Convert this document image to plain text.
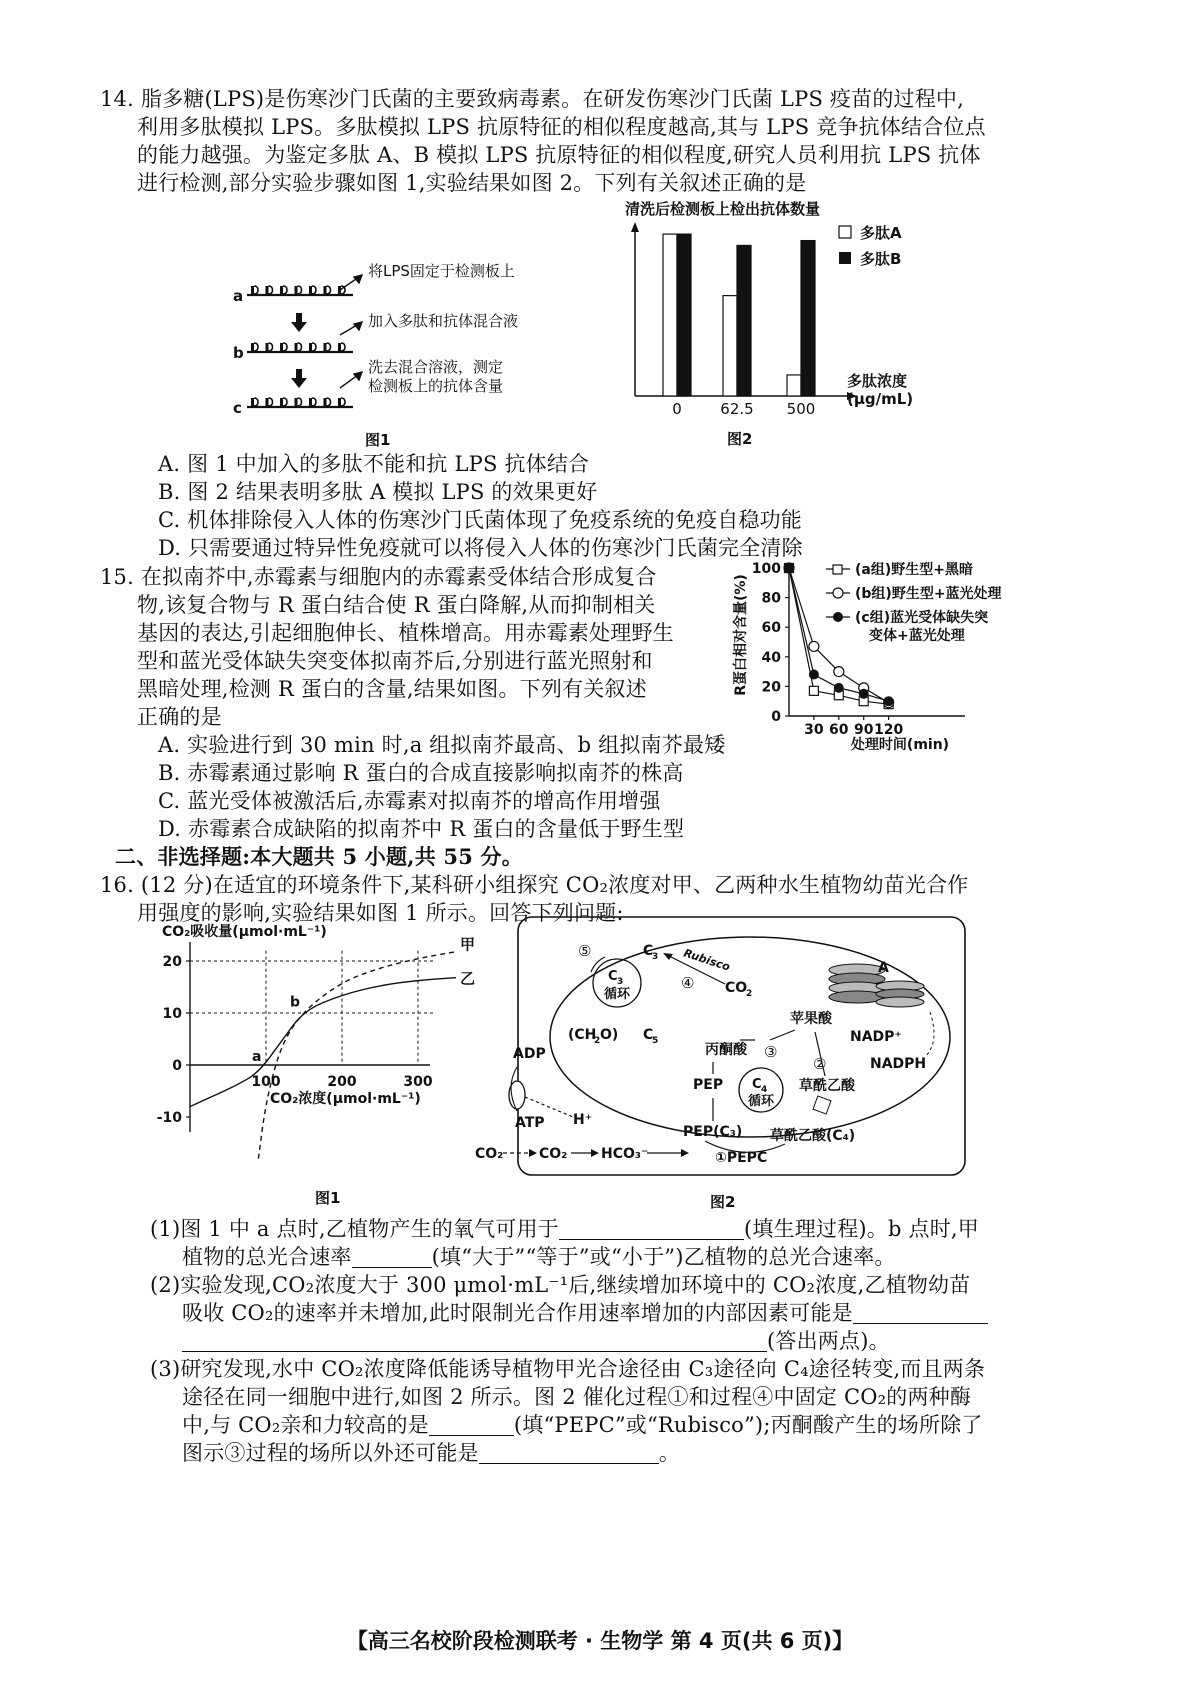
14. 脂多糖(LPS)是伤寒沙门氏菌的主要致病毒素。在研发伤寒沙门氏菌 LPS 疫苗的过程中,
利用多肽模拟 LPS。多肽模拟 LPS 抗原特征的相似程度越高,其与 LPS 竞争抗体结合位点
的能力越强。为鉴定多肽 A、B 模拟 LPS 抗原特征的相似程度,研究人员利用抗 LPS 抗体
进行检测,部分实验步骤如图 1,实验结果如图 2。下列有关叙述正确的是
a
b
c
将LPS固定于检测板上
加入多肽和抗体混合液
洗去混合溶液，测定
检测板上的抗体含量
图1
清洗后检测板上检出抗体数量
0	62.5 500
多肽浓度
(μg/mL)
多肽A
多肽B
图2
A. 图 1 中加入的多肽不能和抗 LPS 抗体结合
B. 图 2 结果表明多肽 A 模拟 LPS 的效果更好
C. 机体排除侵入人体的伤寒沙门氏菌体现了免疫系统的免疫自稳功能
D. 只需要通过特异性免疫就可以将侵入人体的伤寒沙门氏菌完全清除
15. 在拟南芥中,赤霉素与细胞内的赤霉素受体结合形成复合
物,该复合物与 R 蛋白结合使 R 蛋白降解,从而抑制相关
基因的表达,引起细胞伸长、植株增高。用赤霉素处理野生
型和蓝光受体缺失突变体拟南芥后,分别进行蓝光照射和
黑暗处理,检测 R 蛋白的含量,结果如图。下列有关叙述
正确的是
R蛋白相对含量(%)
0
20
40
60
80
100
30 60 90 120
处理时间(min)
(a组)野生型+黑暗
(b组)野生型+蓝光处理
(c组)蓝光受体缺失突
变体+蓝光处理
A. 实验进行到 30 min 时,a 组拟南芥最高、b 组拟南芥最矮
B. 赤霉素通过影响 R 蛋白的合成直接影响拟南芥的株高
C. 蓝光受体被激活后,赤霉素对拟南芥的增高作用增强
D. 赤霉素合成缺陷的拟南芥中 R 蛋白的含量低于野生型
二、非选择题:本大题共 5 小题,共 55 分。
16. (12 分)在适宜的环境条件下,某科研小组探究 CO₂浓度对甲、乙两种水生植物幼苗光合作
用强度的影响,实验结果如图 1 所示。回答下列问题:
CO₂吸收量(μmol·mL⁻¹)
20
10
0
-10
100	200	300
甲
乙
a
b
CO₂浓度(μmol·mL⁻¹)
图1
A
C 3
循环
⑤	C
3 Rubisco
④ CO
2
(CH
2 O) C
5
苹果酸
NADP⁺
NADPH
丙酮酸 ③
②
草酰乙酸
PEP C 4
循环
ADP
ATP H⁺
CO₂	CO₂ HCO₃⁻
PEP(C₃) 草酰乙酸(C₄)
①PEPC
图2
(1)图 1 中 a 点时,乙植物产生的氧气可用于	(填生理过程)。b 点时,甲
植物的总光合速率	(填“大于”“等于”或“小于”)乙植物的总光合速率。
(2)实验发现,CO₂浓度大于 300 μmol·mL⁻¹后,继续增加环境中的 CO₂浓度,乙植物幼苗
吸收 CO₂的速率并未增加,此时限制光合作用速率增加的内部因素可能是
(答出两点)。
(3)研究发现,水中 CO₂浓度降低能诱导植物甲光合途径由 C₃途径向 C₄途径转变,而且两条
途径在同一细胞中进行,如图 2 所示。图 2 催化过程①和过程④中固定 CO₂的两种酶
中,与 CO₂亲和力较高的是	(填“PEPC”或“Rubisco”);丙酮酸产生的场所除了
图示③过程的场所以外还可能是	。
【高三名校阶段检测联考 · 生物学 第 4 页(共 6 页)】
